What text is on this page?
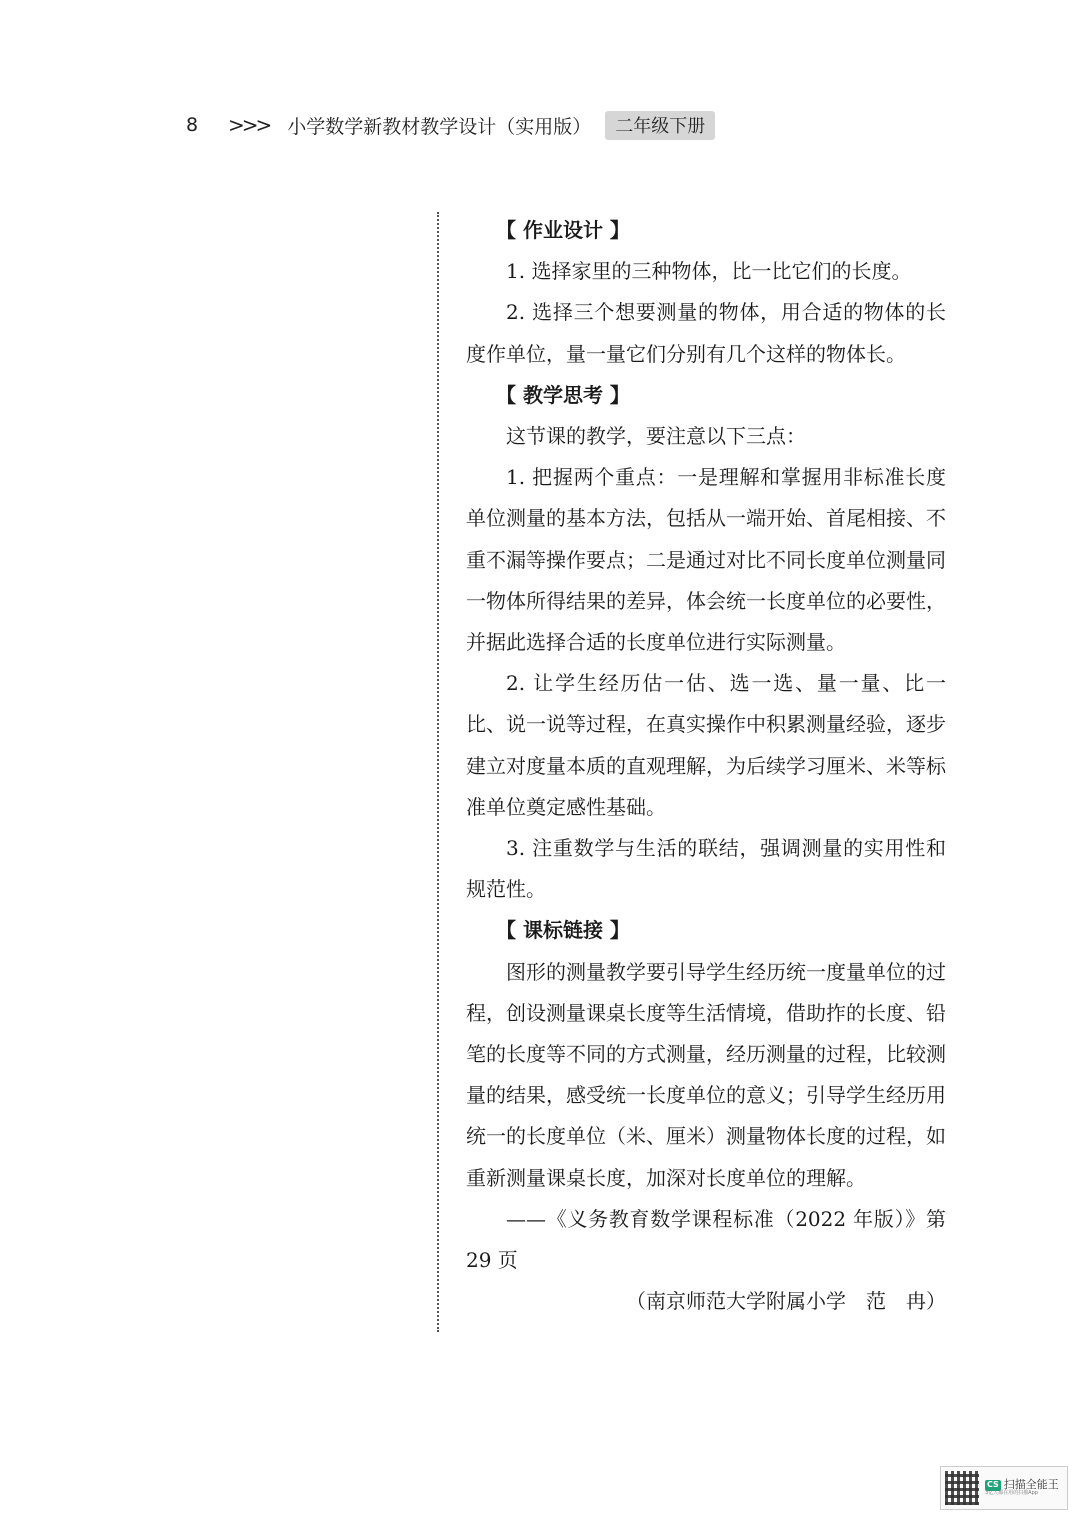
8	>>> 小学数学新教材教学设计（实用版）	二年级下册

【 作业设计 】

1. 选择家里的三种物体，比一比它们的长度。

2. 选择三个想要测量的物体，用合适的物体的长度作单位，量一量它们分别有几个这样的物体长。

【 教学思考 】

这节课的教学，要注意以下三点：

1. 把握两个重点：一是理解和掌握用非标准长度单位测量的基本方法，包括从一端开始、首尾相接、不重不漏等操作要点；二是通过对比不同长度单位测量同一物体所得结果的差异，体会统一长度单位的必要性，并据此选择合适的长度单位进行实际测量。

2. 让学生经历估一估、选一选、量一量、比一比、说一说等过程，在真实操作中积累测量经验，逐步建立对度量本质的直观理解，为后续学习厘米、米等标准单位奠定感性基础。

3. 注重数学与生活的联结，强调测量的实用性和规范性。

【 课标链接 】

图形的测量教学要引导学生经历统一度量单位的过程，创设测量课桌长度等生活情境，借助拃的长度、铅笔的长度等不同的方式测量，经历测量的过程，比较测量的结果，感受统一长度单位的意义；引导学生经历用统一的长度单位（米、厘米）测量物体长度的过程，如重新测量课桌长度，加深对长度单位的理解。

——《义务教育数学课程标准（2022 年版）》第 29 页

（南京师范大学附属小学　范　冉）

CS 扫描全能王
3亿人都在用的扫描App
